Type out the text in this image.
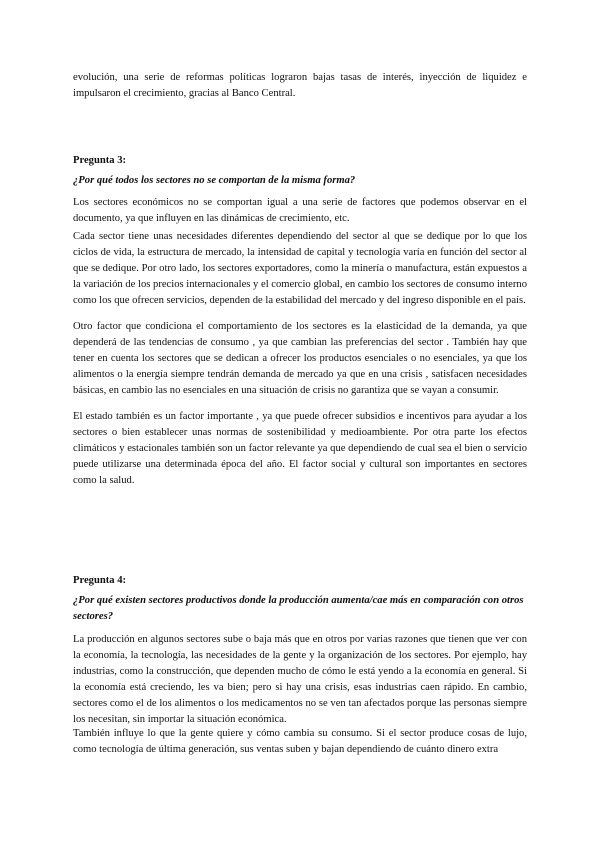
evolución, una serie de reformas políticas lograron bajas tasas de interés, inyección de liquidez e impulsaron el crecimiento, gracias al Banco Central.

Pregunta 3:

¿Por qué todos los sectores no se comportan de la misma forma?

Los sectores económicos no se comportan igual a una serie de factores que podemos observar en el documento, ya que influyen en las dinámicas de crecimiento, etc.

Cada sector tiene unas necesidades diferentes dependiendo del sector al que se dedique por lo que los ciclos de vida, la estructura de mercado, la intensidad de capital y tecnología varía en función del sector al que se dedique. Por otro lado, los sectores exportadores, como la minería o manufactura, están expuestos a la variación de los precios internacionales y el comercio global, en cambio los sectores de consumo interno como los que ofrecen servicios, dependen de la estabilidad del mercado y del ingreso disponible en el país.

Otro factor que condiciona el comportamiento de los sectores es la elasticidad de la demanda, ya que dependerá de las tendencias de consumo , ya que cambian las preferencias del sector . También hay que tener en cuenta los sectores que se dedican a ofrecer los productos esenciales o no esenciales, ya que los alimentos o la energía siempre tendrán demanda de mercado ya que en una crisis , satisfacen necesidades básicas, en cambio las no esenciales en una situación de crisis no garantiza que se vayan a consumir.

El estado también es un factor importante , ya que puede ofrecer subsidios e incentivos para ayudar a los sectores o bien establecer unas normas de sostenibilidad y medioambiente. Por otra parte los efectos climáticos y estacionales también son un factor relevante ya que dependiendo de cual sea el bien o servicio puede utilizarse una determinada época del año. El factor social y cultural son importantes en sectores como la salud.

Pregunta 4:

¿Por qué existen sectores productivos donde la producción aumenta/cae más en comparación con otros sectores?

La producción en algunos sectores sube o baja más que en otros por varias razones que tienen que ver con la economía, la tecnología, las necesidades de la gente y la organización de los sectores. Por ejemplo, hay industrias, como la construcción, que dependen mucho de cómo le está yendo a la economía en general. Si la economía está creciendo, les va bien; pero si hay una crisis, esas industrias caen rápido. En cambio, sectores como el de los alimentos o los medicamentos no se ven tan afectados porque las personas siempre los necesitan, sin importar la situación económica.

También influye lo que la gente quiere y cómo cambia su consumo. Si el sector produce cosas de lujo, como tecnología de última generación, sus ventas suben y bajan dependiendo de cuánto dinero extra
